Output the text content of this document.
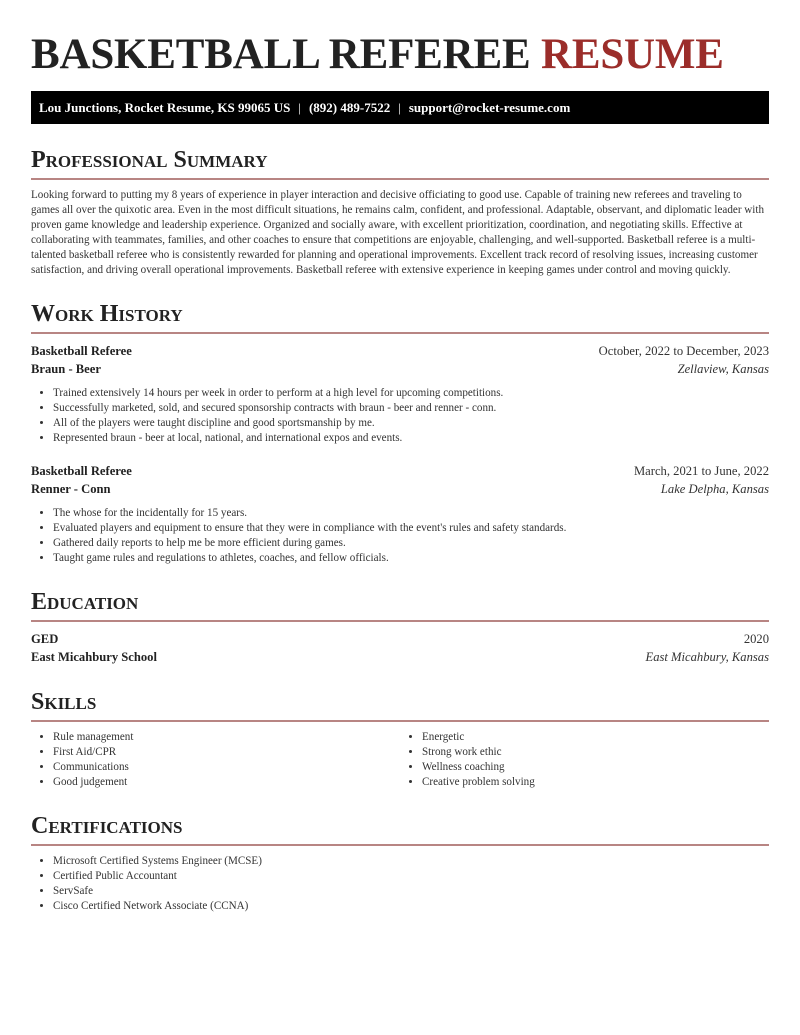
BASKETBALL REFEREE RESUME
Lou Junctions, Rocket Resume, KS 99065 US | (892) 489-7522 | support@rocket-resume.com
Professional Summary

Looking forward to putting my 8 years of experience in player interaction and decisive officiating to good use. Capable of training new referees and traveling to games all over the quixotic area. Even in the most difficult situations, he remains calm, confident, and professional. Adaptable, observant, and diplomatic leader with proven game knowledge and leadership experience. Organized and socially aware, with excellent prioritization, coordination, and negotiating skills. Effective at collaborating with teammates, families, and other coaches to ensure that competitions are enjoyable, challenging, and well-supported. Basketball referee is a multi-talented basketball referee who is consistently rewarded for planning and operational improvements. Excellent track record of resolving issues, increasing customer satisfaction, and driving overall operational improvements. Basketball referee with extensive experience in keeping games under control and moving quickly.

Work History
Basketball Referee	October, 2022 to December, 2023
Braun - Beer	Zellaview, Kansas
• Trained extensively 14 hours per week in order to perform at a high level for upcoming competitions.
• Successfully marketed, sold, and secured sponsorship contracts with braun - beer and renner - conn.
• All of the players were taught discipline and good sportsmanship by me.
• Represented braun - beer at local, national, and international expos and events.
Basketball Referee	March, 2021 to June, 2022
Renner - Conn	Lake Delpha, Kansas
• The whose for the incidentally for 15 years.
• Evaluated players and equipment to ensure that they were in compliance with the event's rules and safety standards.
• Gathered daily reports to help me be more efficient during games.
• Taught game rules and regulations to athletes, coaches, and fellow officials.
Education
GED	2020
East Micahbury School	East Micahbury, Kansas
Skills
• Rule management
• First Aid/CPR
• Communications
• Good judgement
• Energetic
• Strong work ethic
• Wellness coaching
• Creative problem solving
Certifications
• Microsoft Certified Systems Engineer (MCSE)
• Certified Public Accountant
• ServSafe
• Cisco Certified Network Associate (CCNA)
